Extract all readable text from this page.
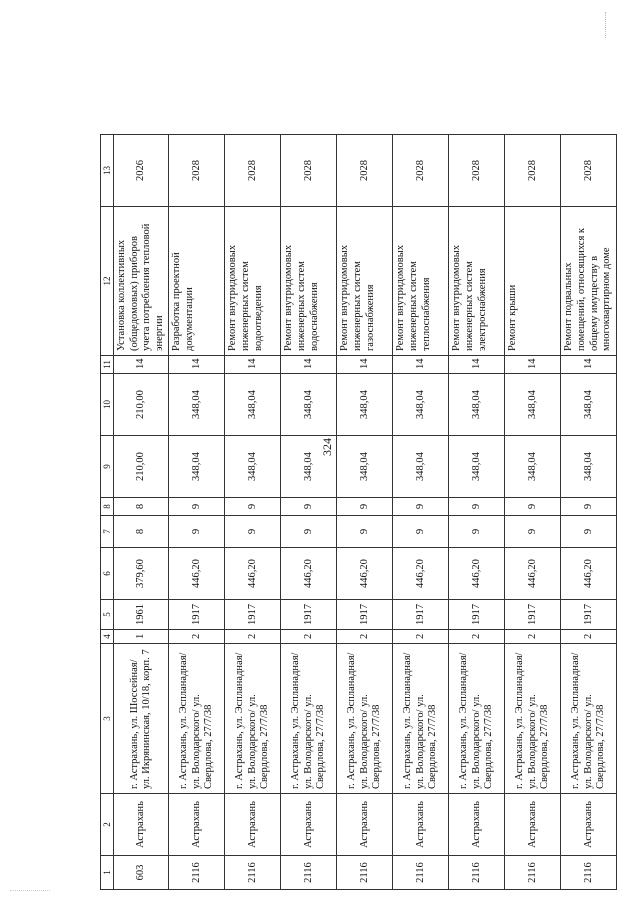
324
1	2	3	4	5	6	7	8	9	10	11	12	13
603	Астрахань	г. Астрахань, ул. Шоссейная/ ул. Икрянинская, 10/18, корп. 7	1	1961	379,60	8	8	210,00	210,00	14	Установка коллективных (общедомовых) приборов учета потребления тепловой энергии	2026
2116	Астрахань	г. Астрахань, ул. Эспланадная/ ул. Володарского/ ул. Свердлова, 27/7/38	2	1917	446,20	9	9	348,04	348,04	14	Разработка проектной документации	2028
2116	Астрахань	г. Астрахань, ул. Эспланадная/ ул. Володарского/ ул. Свердлова, 27/7/38	2	1917	446,20	9	9	348,04	348,04	14	Ремонт внутридомовых инженерных систем водоотведения	2028
2116	Астрахань	г. Астрахань, ул. Эспланадная/ ул. Володарского/ ул. Свердлова, 27/7/38	2	1917	446,20	9	9	348,04	348,04	14	Ремонт внутридомовых инженерных систем водоснабжения	2028
2116	Астрахань	г. Астрахань, ул. Эспланадная/ ул. Володарского/ ул. Свердлова, 27/7/38	2	1917	446,20	9	9	348,04	348,04	14	Ремонт внутридомовых инженерных систем газоснабжения	2028
2116	Астрахань	г. Астрахань, ул. Эспланадная/ ул. Володарского/ ул. Свердлова, 27/7/38	2	1917	446,20	9	9	348,04	348,04	14	Ремонт внутридомовых инженерных систем теплоснабжения	2028
2116	Астрахань	г. Астрахань, ул. Эспланадная/ ул. Володарского/ ул. Свердлова, 27/7/38	2	1917	446,20	9	9	348,04	348,04	14	Ремонт внутридомовых инженерных систем электроснабжения	2028
2116	Астрахань	г. Астрахань, ул. Эспланадная/ ул. Володарского/ ул. Свердлова, 27/7/38	2	1917	446,20	9	9	348,04	348,04	14	Ремонт крыши	2028
2116	Астрахань	г. Астрахань, ул. Эспланадная/ ул. Володарского/ ул. Свердлова, 27/7/38	2	1917	446,20	9	9	348,04	348,04	14	Ремонт подвальных помещений, относящихся к общему имуществу в многоквартирном доме	2028
